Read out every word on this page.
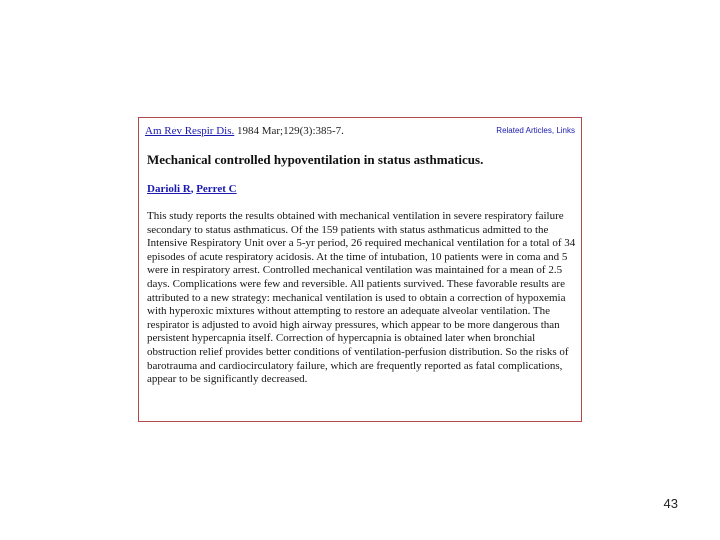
Am Rev Respir Dis. 1984 Mar;129(3):385-7.	Related Articles, Links
Mechanical controlled hypoventilation in status asthmaticus.
Darioli R, Perret C

This study reports the results obtained with mechanical ventilation in severe respiratory failure secondary to status asthmaticus. Of the 159 patients with status asthmaticus admitted to the Intensive Respiratory Unit over a 5-yr period, 26 required mechanical ventilation for a total of 34 episodes of acute respiratory acidosis. At the time of intubation, 10 patients were in coma and 5 were in respiratory arrest. Controlled mechanical ventilation was maintained for a mean of 2.5 days. Complications were few and reversible. All patients survived. These favorable results are attributed to a new strategy: mechanical ventilation is used to obtain a correction of hypoxemia with hyperoxic mixtures without attempting to restore an adequate alveolar ventilation. The respirator is adjusted to avoid high airway pressures, which appear to be more dangerous than persistent hypercapnia itself. Correction of hypercapnia is obtained later when bronchial obstruction relief provides better conditions of ventilation-perfusion distribution. So the risks of barotrauma and cardiocirculatory failure, which are frequently reported as fatal complications, appear to be significantly decreased.

43
